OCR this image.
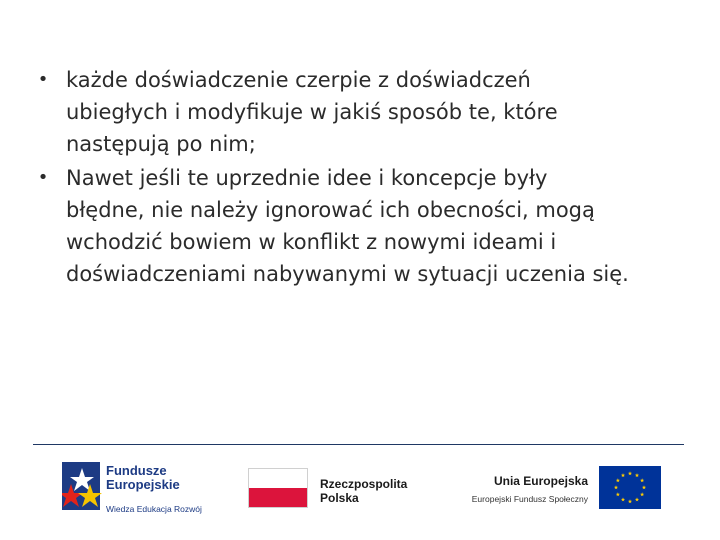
• każde doświadczenie czerpie z doświadczeń
ubiegłych i modyfikuje w jakiś sposób te, które
następują po nim;
• Nawet jeśli te uprzednie idee i koncepcje były
błędne, nie należy ignorować ich obecności, mogą
wchodzić bowiem w konflikt z nowymi ideami i
doświadczeniami nabywanymi w sytuacji uczenia się.
Fundusze
Europejskie
Wiedza Edukacja Rozwój
Rzeczpospolita
Polska
Unia Europejska
Europejski Fundusz Społeczny
